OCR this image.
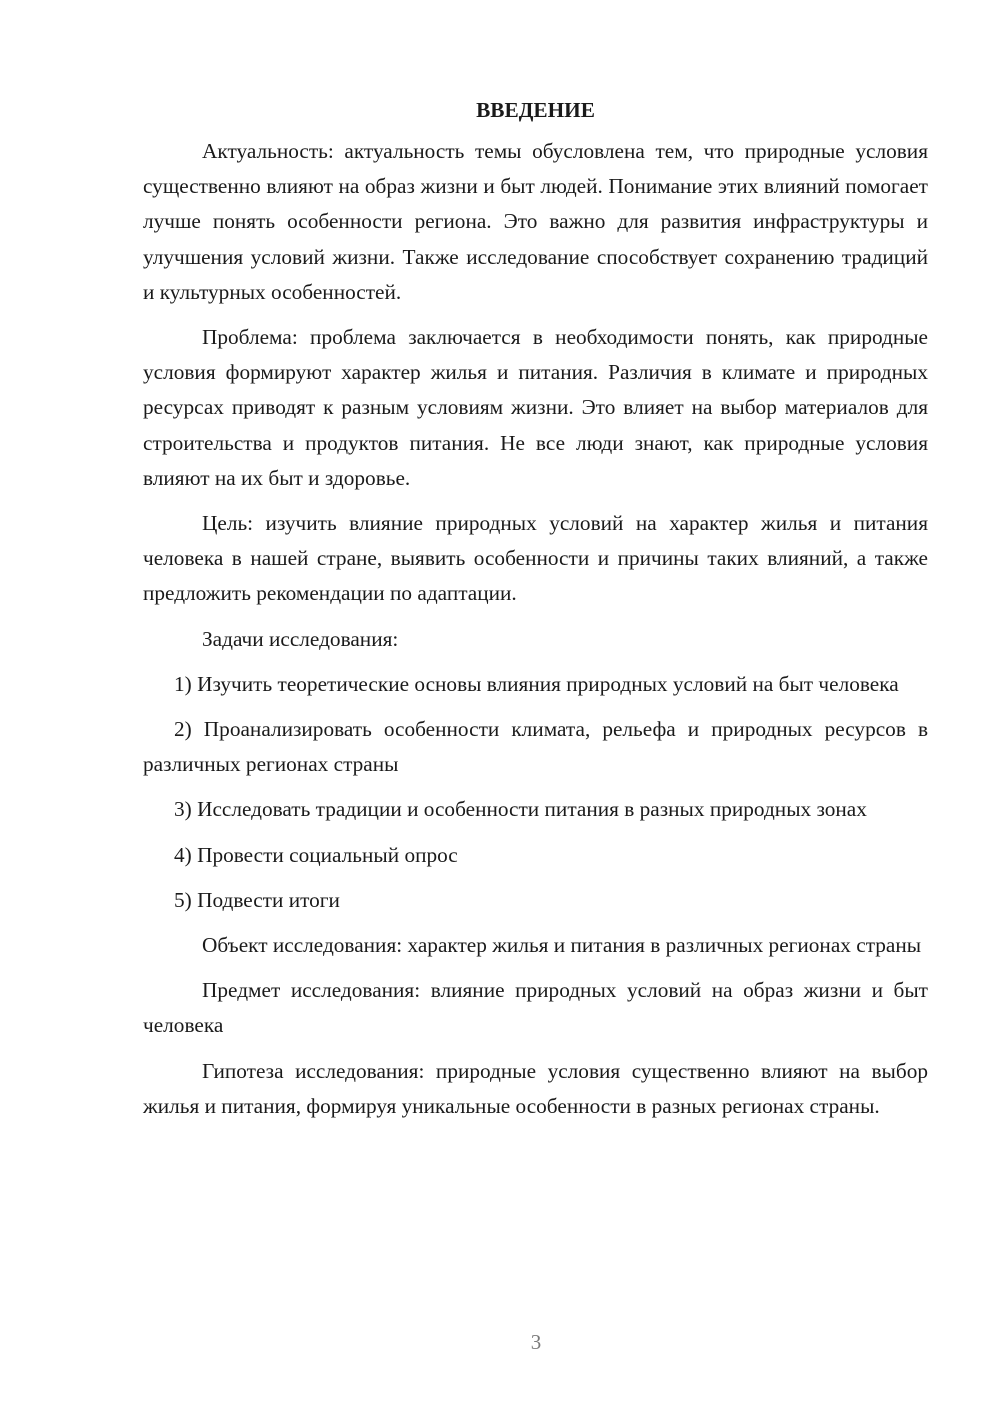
ВВЕДЕНИЕ

Актуальность: актуальность темы обусловлена тем, что природные условия существенно влияют на образ жизни и быт людей. Понимание этих влияний помогает лучше понять особенности региона. Это важно для развития инфраструктуры и улучшения условий жизни. Также исследование способствует сохранению традиций и культурных особенностей.

Проблема: проблема заключается в необходимости понять, как природные условия формируют характер жилья и питания. Различия в климате и природных ресурсах приводят к разным условиям жизни. Это влияет на выбор материалов для строительства и продуктов питания. Не все люди знают, как природные условия влияют на их быт и здоровье.

Цель: изучить влияние природных условий на характер жилья и питания человека в нашей стране, выявить особенности и причины таких влияний, а также предложить рекомендации по адаптации.

Задачи исследования:

1) Изучить теоретические основы влияния природных условий на быт человека

2) Проанализировать особенности климата, рельефа и природных ресурсов в различных регионах страны

3) Исследовать традиции и особенности питания в разных природных зонах

4) Провести социальный опрос

5) Подвести итоги

Объект исследования: характер жилья и питания в различных регионах страны

Предмет исследования: влияние природных условий на образ жизни и быт человека

Гипотеза исследования: природные условия существенно влияют на выбор жилья и питания, формируя уникальные особенности в разных регионах страны.

3
